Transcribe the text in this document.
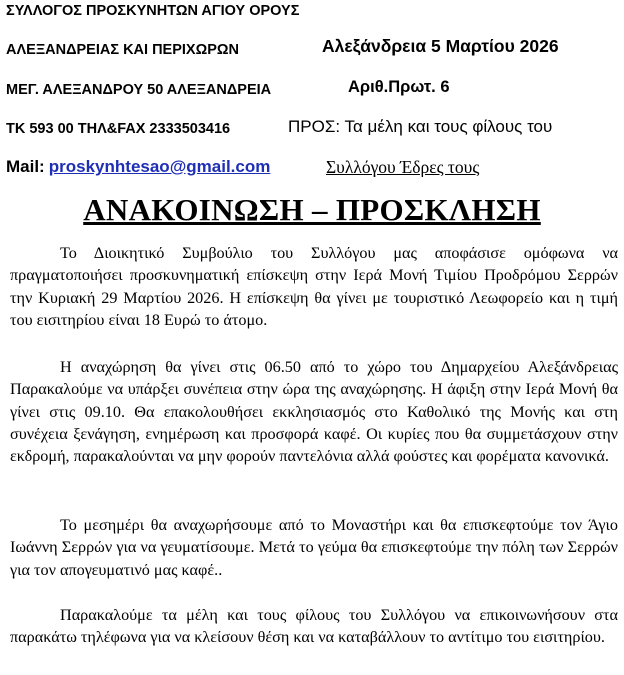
ΣΥΛΛΟΓΟΣ ΠΡΟΣΚΥΝΗΤΩΝ ΑΓΙΟΥ ΟΡΟΥΣ
ΑΛΕΞΑΝΔΡΕΙΑΣ ΚΑΙ ΠΕΡΙΧΩΡΩΝ
ΜΕΓ. ΑΛΕΞΑΝΔΡΟΥ 50 ΑΛΕΞΑΝΔΡΕΙΑ
ΤΚ 593 00 ΤΗΛ&FAX 2333503416
Mail: proskynhtesao@gmail.com
Αλεξάνδρεια 5 Μαρτίου 2026
Αριθ.Πρωτ. 6
ΠΡΟΣ: Τα μέλη και τους φίλους του
Συλλόγου Έδρες τους
ΑΝΑΚΟΙΝΩΣΗ – ΠΡΟΣΚΛΗΣΗ

Το Διοικητικό Συμβούλιο του Συλλόγου μας αποφάσισε ομόφωνα να πραγματοποιήσει προσκυνηματική επίσκεψη στην Ιερά Μονή Τιμίου Προδρόμου Σερρών την Κυριακή 29 Μαρτίου 2026. Η επίσκεψη θα γίνει με τουριστικό Λεωφορείο και η τιμή του εισιτηρίου είναι 18 Ευρώ το άτομο.

Η αναχώρηση θα γίνει στις 06.50 από το χώρο του Δημαρχείου Αλεξάνδρειας Παρακαλούμε να υπάρξει συνέπεια στην ώρα της αναχώρησης. Η άφιξη στην Ιερά Μονή θα γίνει στις 09.10. Θα επακολουθήσει εκκλησιασμός στο Καθολικό της Μονής και στη συνέχεια ξενάγηση, ενημέρωση και προσφορά καφέ. Οι κυρίες που θα συμμετάσχουν στην εκδρομή, παρακαλούνται να μην φορούν παντελόνια αλλά φούστες και φορέματα κανονικά.

Το μεσημέρι θα αναχωρήσουμε από το Μοναστήρι και θα επισκεφτούμε τον Άγιο Ιωάννη Σερρών για να γευματίσουμε. Μετά το γεύμα θα επισκεφτούμε την πόλη των Σερρών για τον απογευματινό μας καφέ..

Παρακαλούμε τα μέλη και τους φίλους του Συλλόγου να επικοινωνήσουν στα παρακάτω τηλέφωνα για να κλείσουν θέση και να καταβάλλουν το αντίτιμο του εισιτηρίου.
